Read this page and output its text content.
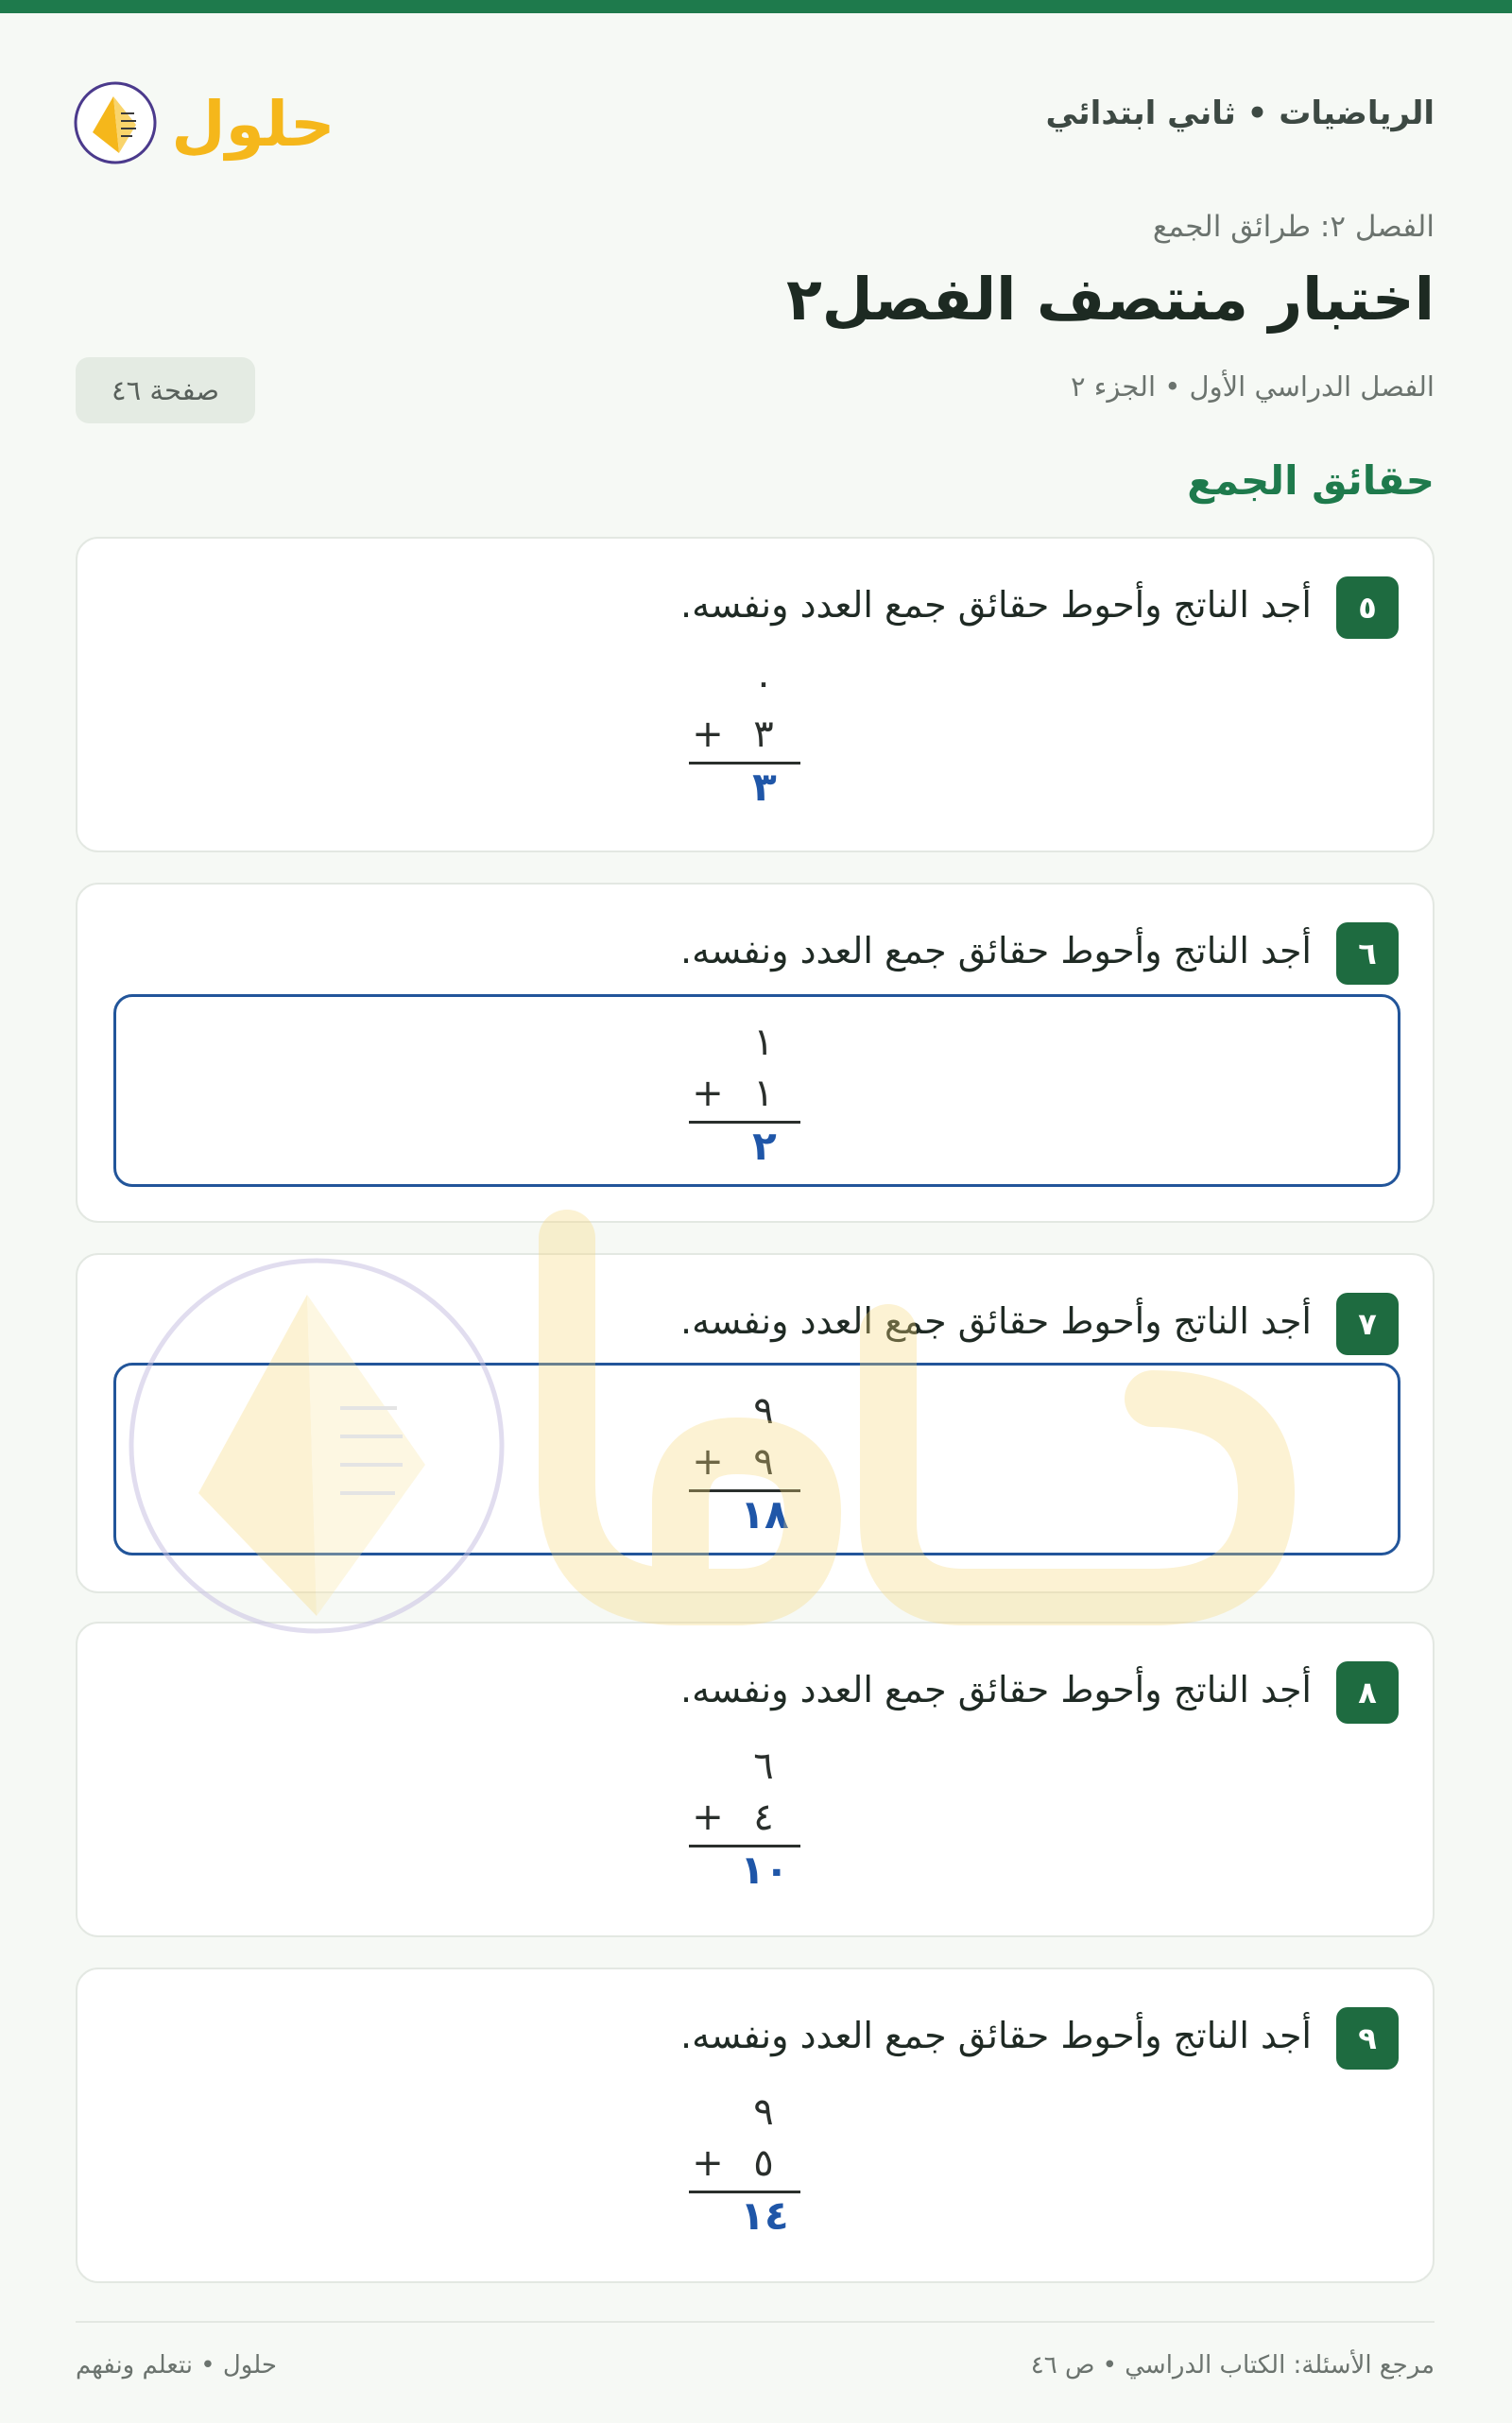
الرياضيات • ثاني ابتدائي
حلول
الفصل ٢: طرائق الجمع
اختبار منتصف الفصل٢
الفصل الدراسي الأول • الجزء ٢
صفحة ٤٦
حقائق الجمع
٥
أجد الناتج وأحوط حقائق جمع العدد ونفسه.
٠
+ ٣
٣
٦
أجد الناتج وأحوط حقائق جمع العدد ونفسه.
١
+ ١
٢
٧
أجد الناتج وأحوط حقائق جمع العدد ونفسه.
٩
+ ٩
١٨
٨
أجد الناتج وأحوط حقائق جمع العدد ونفسه.
٦
+ ٤
١٠
٩
أجد الناتج وأحوط حقائق جمع العدد ونفسه.
٩
+ ٥
١٤
مرجع الأسئلة: الكتاب الدراسي • ص ٤٦
حلول • نتعلم ونفهم
